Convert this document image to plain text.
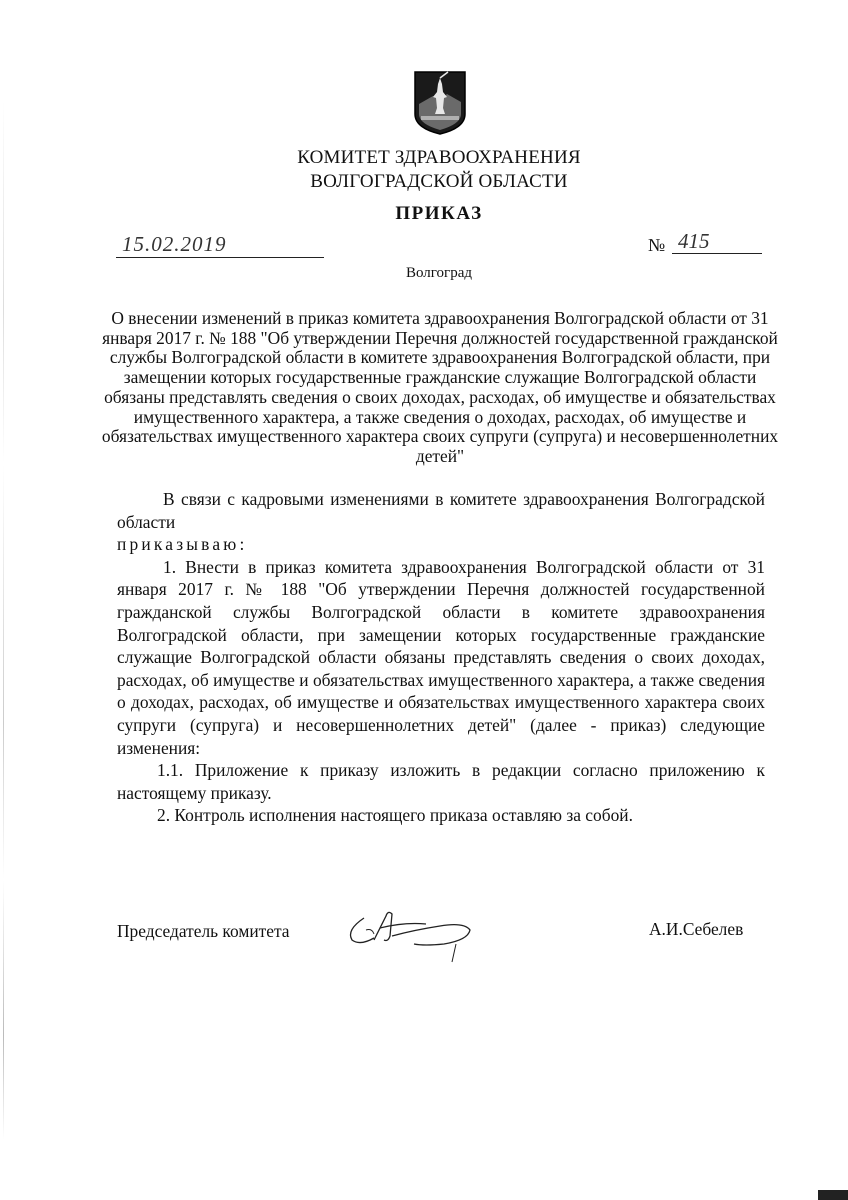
КОМИТЕТ ЗДРАВООХРАНЕНИЯ
ВОЛГОГРАДСКОЙ ОБЛАСТИ
ПРИКАЗ
15.02.2019	№ 415
Волгоград
О внесении изменений в приказ комитета здравоохранения Волгоградской области от 31 января 2017 г. № 188 "Об утверждении Перечня должностей государственной гражданской службы Волгоградской области в комитете здравоохранения Волгоградской области, при замещении которых государственные гражданские служащие Волгоградской области обязаны представлять сведения о своих доходах, расходах, об имуществе и обязательствах имущественного характера, а также сведения о доходах, расходах, об имуществе и обязательствах имущественного характера своих супруги (супруга) и несовершеннолетних детей"

В связи с кадровыми изменениями в комитете здравоохранения Волгоградской области

приказываю:

1. Внести в приказ комитета здравоохранения Волгоградской области от 31 января 2017 г. № 188 "Об утверждении Перечня должностей государственной гражданской службы Волгоградской области в комитете здравоохранения Волгоградской области, при замещении которых государственные гражданские служащие Волгоградской области обязаны представлять сведения о своих доходах, расходах, об имуществе и обязательствах имущественного характера, а также сведения о доходах, расходах, об имуществе и обязательствах имущественного характера своих супруги (супруга) и несовершеннолетних детей" (далее - приказ) следующие изменения:

1.1. Приложение к приказу изложить в редакции согласно приложению к настоящему приказу.

2. Контроль исполнения настоящего приказа оставляю за собой.

Председатель комитета	А.И.Себелев
